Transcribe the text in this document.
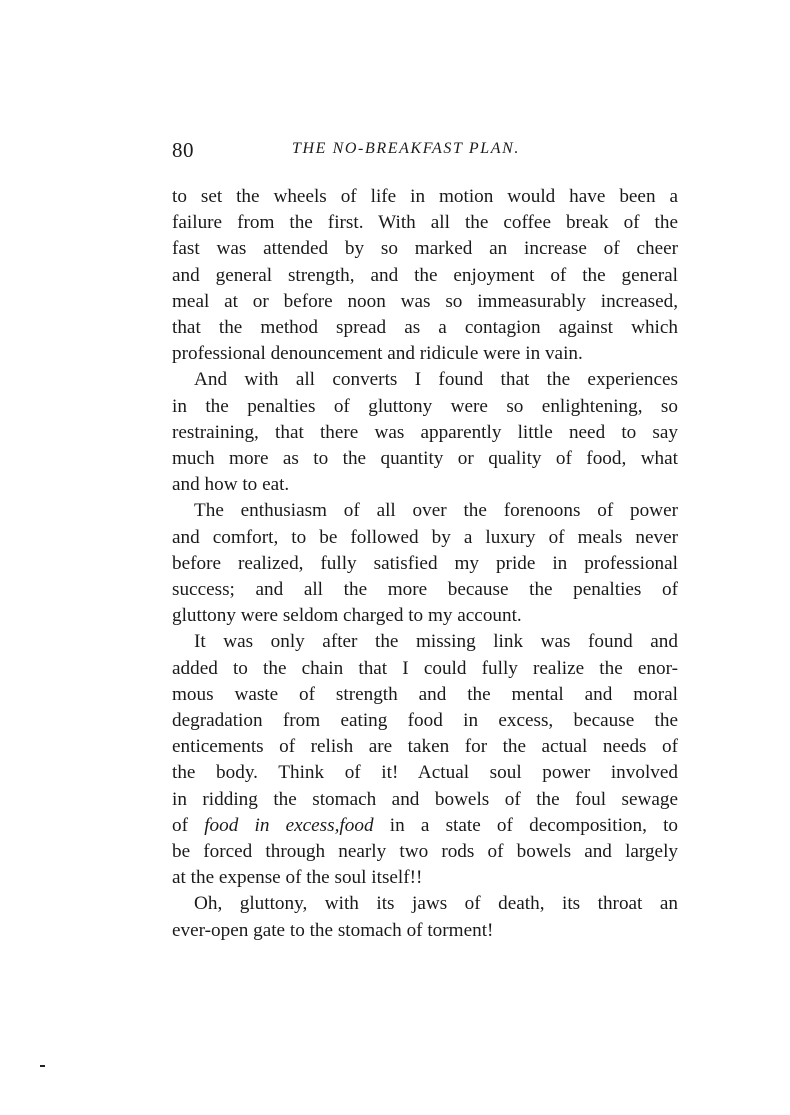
80	THE NO-BREAKFAST PLAN.
to set the wheels of life in motion would have been a
failure from the first. With all the coffee break of the
fast was attended by so marked an increase of cheer
and general strength, and the enjoyment of the general
meal at or before noon was so immeasurably increased,
that the method spread as a contagion against which
professional denouncement and ridicule were in vain.
And with all converts I found that the experiences
in the penalties of gluttony were so enlightening, so
restraining, that there was apparently little need to say
much more as to the quantity or quality of food, what
and how to eat.
The enthusiasm of all over the forenoons of power
and comfort, to be followed by a luxury of meals never
before realized, fully satisfied my pride in professional
success; and all the more because the penalties of
gluttony were seldom charged to my account.
It was only after the missing link was found and
added to the chain that I could fully realize the enor-
mous waste of strength and the mental and moral
degradation from eating food in excess, because the
enticements of relish are taken for the actual needs of
the body. Think of it! Actual soul power involved
in ridding the stomach and bowels of the foul sewage
of food in excess,food in a state of decomposition, to
be forced through nearly two rods of bowels and largely
at the expense of the soul itself!!
Oh, gluttony, with its jaws of death, its throat an
ever-open gate to the stomach of torment!
